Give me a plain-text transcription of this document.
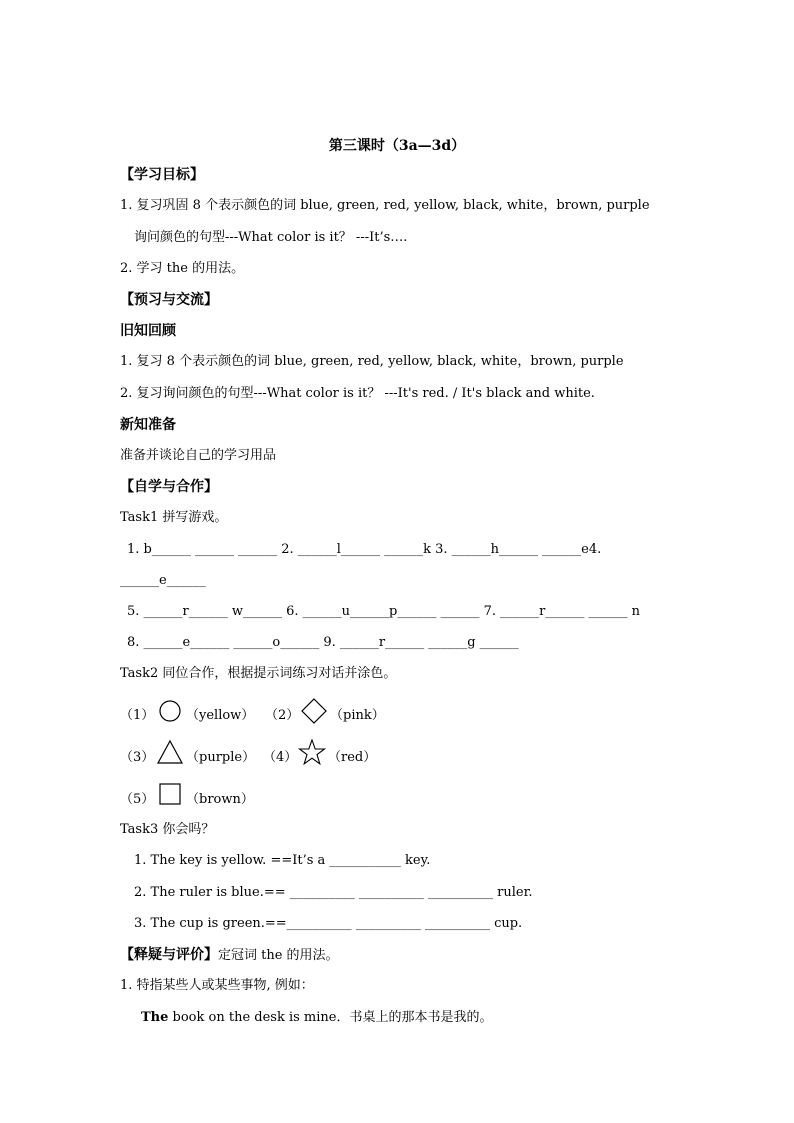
第三课时（3a—3d）
【学习目标】
1. 复习巩固 8 个表示颜色的词 blue, green, red, yellow, black, white，brown, purple
询问颜色的句型---What color is it？ ---It’s….
2. 学习 the 的用法。
【预习与交流】
旧知回顾
1. 复习 8 个表示颜色的词 blue, green, red, yellow, black, white，brown, purple
2. 复习询问颜色的句型---What color is it？ ---It's red. / It's black and white.
新知准备
准备并谈论自己的学习用品
【自学与合作】
Task1 拼写游戏。
1. b______ ______ ______ 2. ______l______ ______k 3. ______h______ ______e4.
______e______
5. ______r______ w______ 6. ______u______p______ ______ 7. ______r______ ______ n
8. ______e______ ______o______ 9. ______r______ ______g ______
Task2 同位合作，根据提示词练习对话并涂色。
（1） （yellow） （2） （pink）
（3） （purple） （4） （red）
（5） （brown）
Task3 你会吗？
1. The key is yellow. ==It’s a ___________ key.
2. The ruler is blue.== __________ __________ __________ ruler.
3. The cup is green.==__________ __________ __________ cup.
【释疑与评价】定冠词 the 的用法。
1. 特指某些人或某些事物, 例如：
The book on the desk is mine．书桌上的那本书是我的。
